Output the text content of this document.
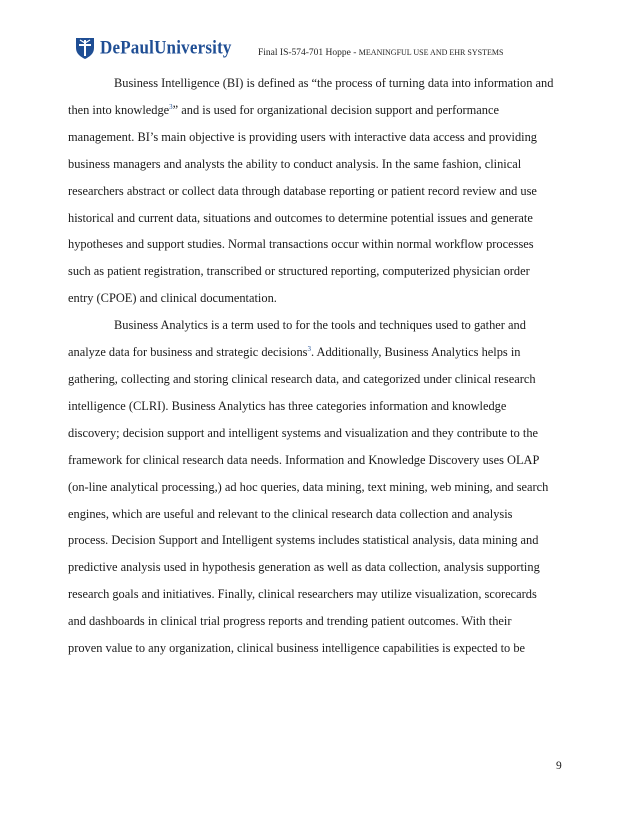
DePaulUniversity	Final IS-574-701 Hoppe - MEANINGFUL USE AND EHR SYSTEMS

Business Intelligence (BI) is defined as “the process of turning data into information and
then into knowledge$^3$” and is used for organizational decision support and performance
management. BI’s main objective is providing users with interactive data access and providing
business managers and analysts the ability to conduct analysis. In the same fashion, clinical
researchers abstract or collect data through database reporting or patient record review and use
historical and current data, situations and outcomes to determine potential issues and generate
hypotheses and support studies. Normal transactions occur within normal workflow processes
such as patient registration, transcribed or structured reporting, computerized physician order
entry (CPOE) and clinical documentation.

Business Analytics is a term used to for the tools and techniques used to gather and
analyze data for business and strategic decisions$^3$. Additionally, Business Analytics helps in
gathering, collecting and storing clinical research data, and categorized under clinical research
intelligence (CLRI). Business Analytics has three categories information and knowledge
discovery; decision support and intelligent systems and visualization and they contribute to the
framework for clinical research data needs. Information and Knowledge Discovery uses OLAP
(on-line analytical processing,) ad hoc queries, data mining, text mining, web mining, and search
engines, which are useful and relevant to the clinical research data collection and analysis
process. Decision Support and Intelligent systems includes statistical analysis, data mining and
predictive analysis used in hypothesis generation as well as data collection, analysis supporting
research goals and initiatives. Finally, clinical researchers may utilize visualization, scorecards
and dashboards in clinical trial progress reports and trending patient outcomes. With their
proven value to any organization, clinical business intelligence capabilities is expected to be

9
